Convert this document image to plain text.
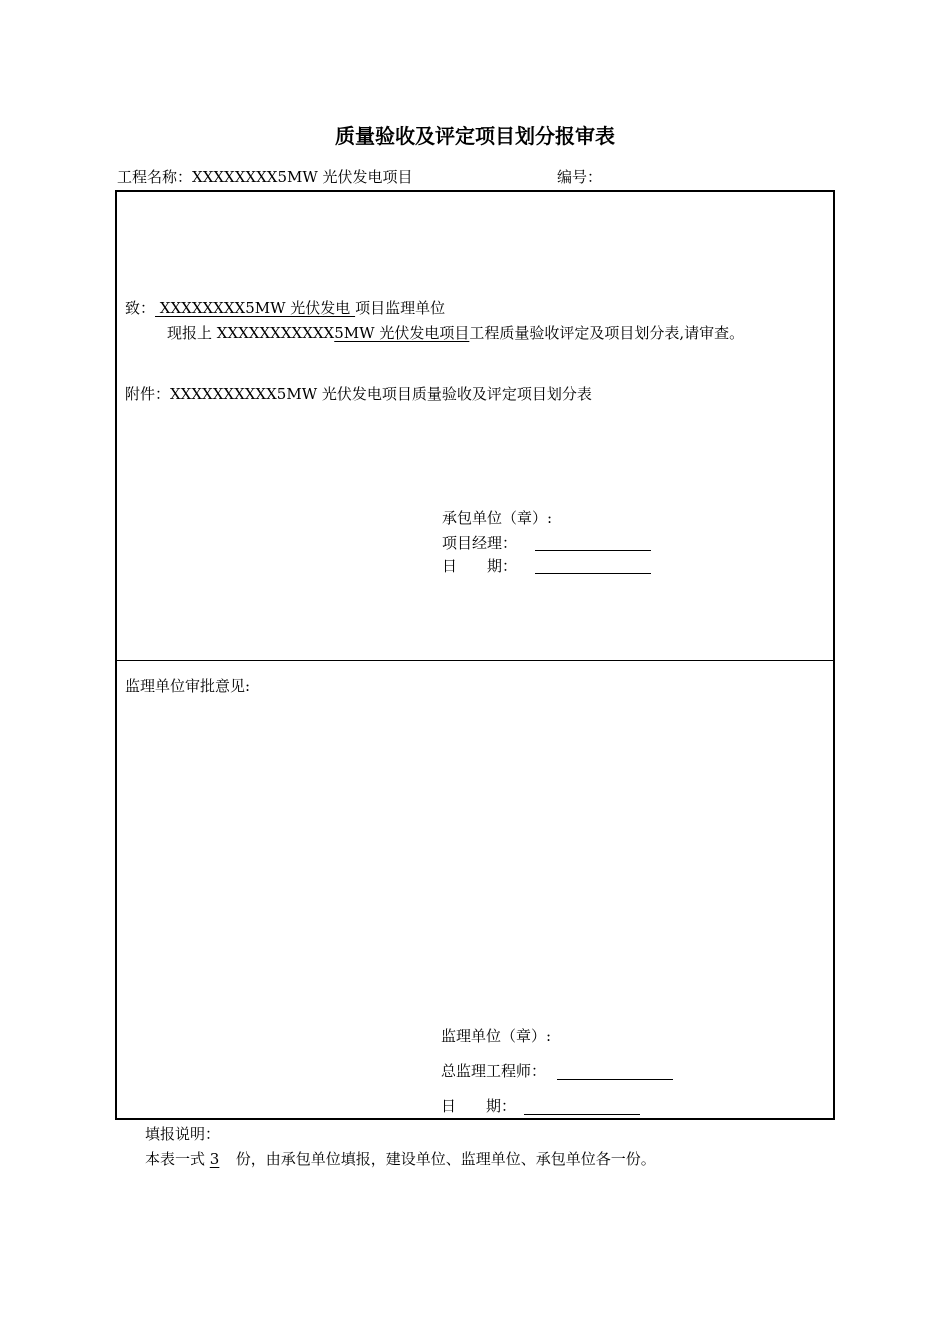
质量验收及评定项目划分报审表
工程名称：XXXXXXXX5MW 光伏发电项目	编号：
致： XXXXXXXX5MW 光伏发电 项目监理单位
现报上 XXXXXXXXXXX5MW 光伏发电项目工程质量验收评定及项目划分表,请审查。
附件：XXXXXXXXXX5MW 光伏发电项目质量验收及评定项目划分表
承包单位（章）:
项目经理：
日　　期：
监理单位审批意见:
监理单位（章）:
总监理工程师：
日　　期：
填报说明：
本表一式 3 份，由承包单位填报，建设单位、监理单位、承包单位各一份。
